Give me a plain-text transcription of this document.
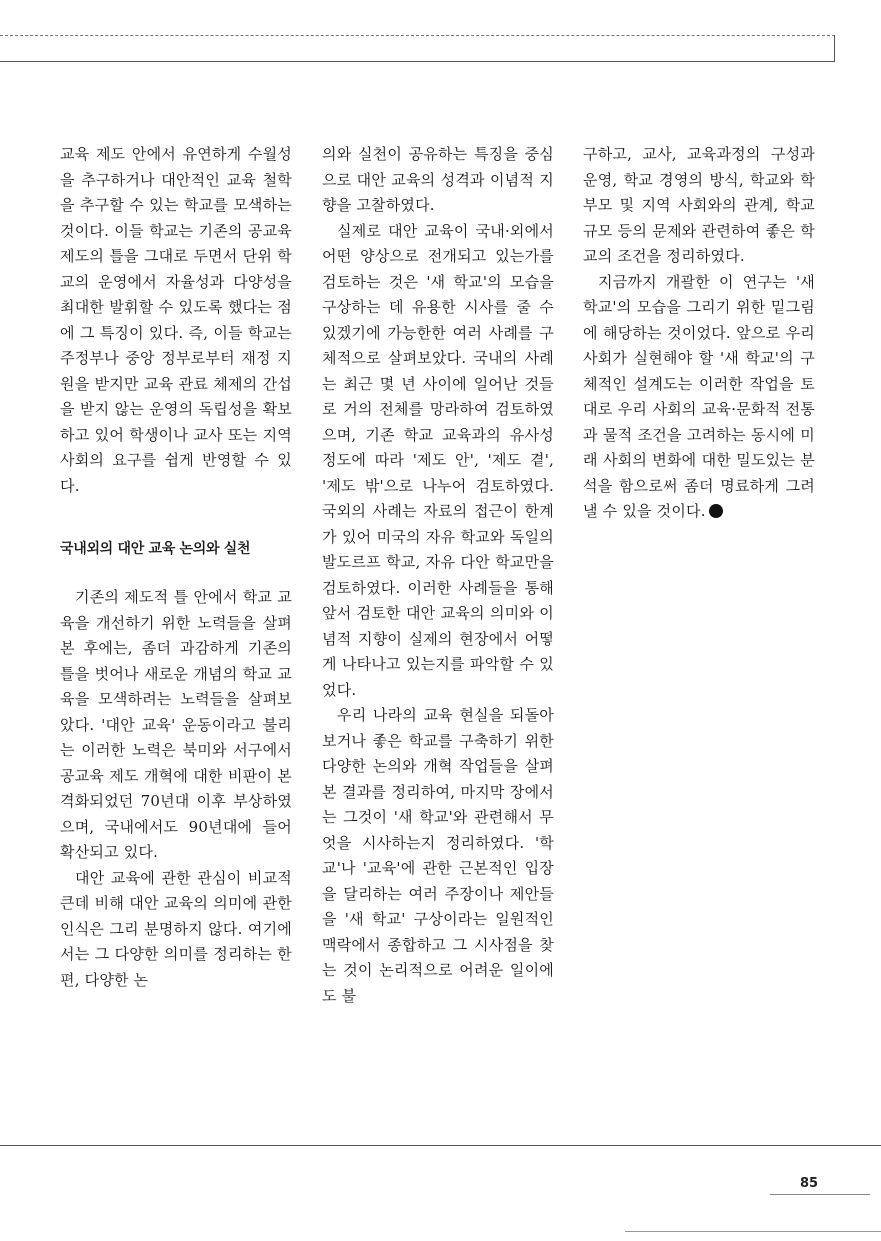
교육 제도 안에서 유연하게 수월성을 추구하거나 대안적인 교육 철학을 추구할 수 있는 학교를 모색하는 것이다. 이들 학교는 기존의 공교육 제도의 틀을 그대로 두면서 단위 학교의 운영에서 자율성과 다양성을 최대한 발휘할 수 있도록 했다는 점에 그 특징이 있다. 즉, 이들 학교는 주정부나 중앙 정부로부터 재정 지원을 받지만 교육 관료 체제의 간섭을 받지 않는 운영의 독립성을 확보하고 있어 학생이나 교사 또는 지역 사회의 요구를 쉽게 반영할 수 있다.

국내외의 대안 교육 논의와 실천

기존의 제도적 틀 안에서 학교 교육을 개선하기 위한 노력들을 살펴본 후에는, 좀더 과감하게 기존의 틀을 벗어나 새로운 개념의 학교 교육을 모색하려는 노력들을 살펴보았다. '대안 교육' 운동이라고 불리는 이러한 노력은 북미와 서구에서 공교육 제도 개혁에 대한 비판이 본격화되었던 70년대 이후 부상하였으며, 국내에서도 90년대에 들어 확산되고 있다.

대안 교육에 관한 관심이 비교적 큰데 비해 대안 교육의 의미에 관한 인식은 그리 분명하지 않다. 여기에서는 그 다양한 의미를 정리하는 한편, 다양한 논

의와 실천이 공유하는 특징을 중심으로 대안 교육의 성격과 이념적 지향을 고찰하였다.

실제로 대안 교육이 국내·외에서 어떤 양상으로 전개되고 있는가를 검토하는 것은 '새 학교'의 모습을 구상하는 데 유용한 시사를 줄 수 있겠기에 가능한한 여러 사례를 구체적으로 살펴보았다. 국내의 사례는 최근 몇 년 사이에 일어난 것들로 거의 전체를 망라하여 검토하였으며, 기존 학교 교육과의 유사성 정도에 따라 '제도 안', '제도 곁', '제도 밖'으로 나누어 검토하였다. 국외의 사례는 자료의 접근이 한계가 있어 미국의 자유 학교와 독일의 발도르프 학교, 자유 다안 학교만을 검토하였다. 이러한 사례들을 통해 앞서 검토한 대안 교육의 의미와 이념적 지향이 실제의 현장에서 어떻게 나타나고 있는지를 파악할 수 있었다.

우리 나라의 교육 현실을 되돌아 보거나 좋은 학교를 구축하기 위한 다양한 논의와 개혁 작업들을 살펴본 결과를 정리하여, 마지막 장에서는 그것이 '새 학교'와 관련해서 무엇을 시사하는지 정리하였다. '학교'나 '교육'에 관한 근본적인 입장을 달리하는 여러 주장이나 제안들을 '새 학교' 구상이라는 일원적인 맥락에서 종합하고 그 시사점을 찾는 것이 논리적으로 어려운 일이에도 불

구하고, 교사, 교육과정의 구성과 운영, 학교 경영의 방식, 학교와 학부모 및 지역 사회와의 관계, 학교 규모 등의 문제와 관련하여 좋은 학교의 조건을 정리하였다.

지금까지 개괄한 이 연구는 '새 학교'의 모습을 그리기 위한 밑그림에 해당하는 것이었다. 앞으로 우리 사회가 실현해야 할 '새 학교'의 구체적인 설계도는 이러한 작업을 토대로 우리 사회의 교육·문화적 전통과 물적 조건을 고려하는 동시에 미래 사회의 변화에 대한 밀도있는 분석을 함으로써 좀더 명료하게 그려낼 수 있을 것이다.

85
